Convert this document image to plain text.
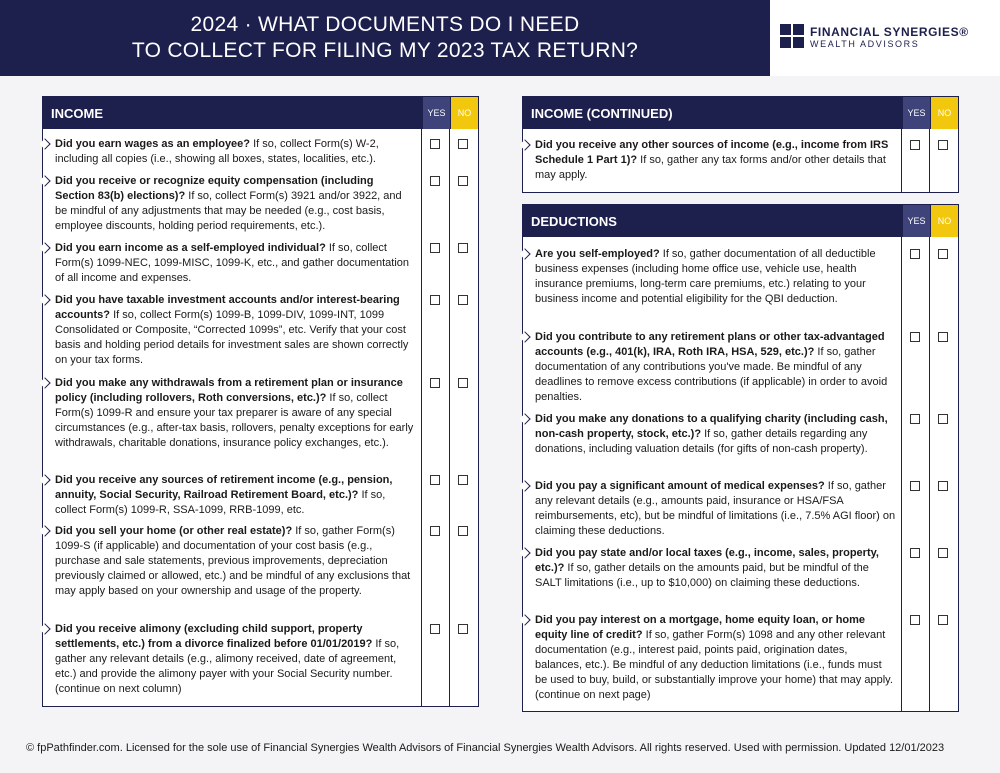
2024 · WHAT DOCUMENTS DO I NEED
TO COLLECT FOR FILING MY 2023 TAX RETURN?
FINANCIAL SYNERGIES®
WEALTH ADVISORS
INCOME	YES	NO
Did you earn wages as an employee? If so, collect Form(s) W-2, including all copies (i.e., showing all boxes, states, localities, etc.).
Did you receive or recognize equity compensation (including Section 83(b) elections)? If so, collect Form(s) 3921 and/or 3922, and be mindful of any adjustments that may be needed (e.g., cost basis, employee discounts, holding period requirements, etc.).
Did you earn income as a self-employed individual? If so, collect Form(s) 1099-NEC, 1099-MISC, 1099-K, etc., and gather documentation of all income and expenses.
Did you have taxable investment accounts and/or interest-bearing accounts? If so, collect Form(s) 1099-B, 1099-DIV, 1099-INT, 1099 Consolidated or Composite, “Corrected 1099s”, etc. Verify that your cost basis and holding period details for investment sales are shown correctly on your tax forms.
Did you make any withdrawals from a retirement plan or insurance policy (including rollovers, Roth conversions, etc.)? If so, collect Form(s) 1099-R and ensure your tax preparer is aware of any special circumstances (e.g., after-tax basis, rollovers, penalty exceptions for early withdrawals, charitable donations, insurance policy exchanges, etc.).
Did you receive any sources of retirement income (e.g., pension, annuity, Social Security, Railroad Retirement Board, etc.)? If so, collect Form(s) 1099-R, SSA-1099, RRB-1099, etc.
Did you sell your home (or other real estate)? If so, gather Form(s) 1099-S (if applicable) and documentation of your cost basis (e.g., purchase and sale statements, previous improvements, depreciation previously claimed or allowed, etc.) and be mindful of any exclusions that may apply based on your ownership and usage of the property.
Did you receive alimony (excluding child support, property settlements, etc.) from a divorce finalized before 01/01/2019? If so, gather any relevant details (e.g., alimony received, date of agreement, etc.) and provide the alimony payer with your Social Security number. (continue on next column)
INCOME (CONTINUED)	YES	NO
Did you receive any other sources of income (e.g., income from IRS Schedule 1 Part 1)? If so, gather any tax forms and/or other details that may apply.
DEDUCTIONS	YES	NO
Are you self-employed? If so, gather documentation of all deductible business expenses (including home office use, vehicle use, health insurance premiums, long-term care premiums, etc.) relating to your business income and potential eligibility for the QBI deduction.
Did you contribute to any retirement plans or other tax-advantaged accounts (e.g., 401(k), IRA, Roth IRA, HSA, 529, etc.)? If so, gather documentation of any contributions you've made. Be mindful of any deadlines to remove excess contributions (if applicable) in order to avoid penalties.
Did you make any donations to a qualifying charity (including cash, non-cash property, stock, etc.)? If so, gather details regarding any donations, including valuation details (for gifts of non-cash property).
Did you pay a significant amount of medical expenses? If so, gather any relevant details (e.g., amounts paid, insurance or HSA/FSA reimbursements, etc), but be mindful of limitations (i.e., 7.5% AGI floor) on claiming these deductions.
Did you pay state and/or local taxes (e.g., income, sales, property, etc.)? If so, gather details on the amounts paid, but be mindful of the SALT limitations (i.e., up to $10,000) on claiming these deductions.
Did you pay interest on a mortgage, home equity loan, or home equity line of credit? If so, gather Form(s) 1098 and any other relevant documentation (e.g., interest paid, points paid, origination dates, balances, etc.). Be mindful of any deduction limitations (i.e., funds must be used to buy, build, or substantially improve your home) that may apply. (continue on next page)
© fpPathfinder.com. Licensed for the sole use of Financial Synergies Wealth Advisors of Financial Synergies Wealth Advisors. All rights reserved. Used with permission. Updated 12/01/2023
